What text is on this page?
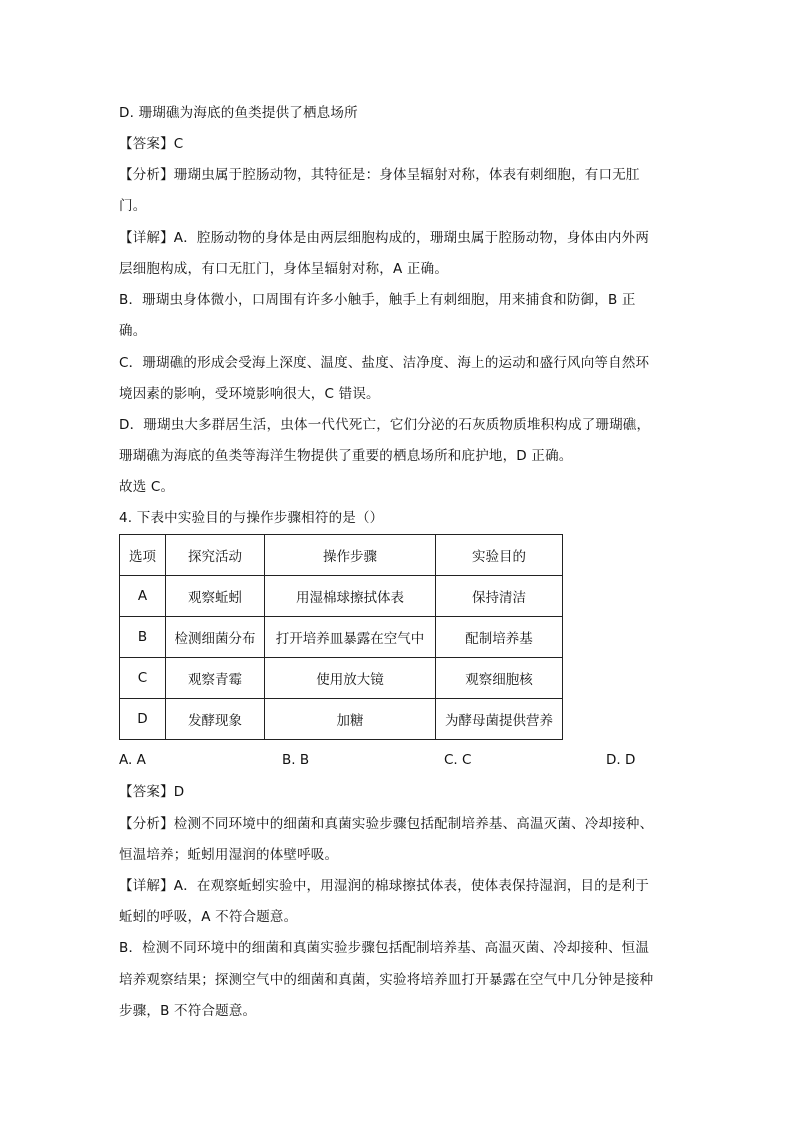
D. 珊瑚礁为海底的鱼类提供了栖息场所
【答案】C
【分析】珊瑚虫属于腔肠动物，其特征是：身体呈辐射对称，体表有刺细胞，有口无肛
门。
【详解】A．腔肠动物的身体是由两层细胞构成的，珊瑚虫属于腔肠动物，身体由内外两
层细胞构成，有口无肛门，身体呈辐射对称，A 正确。
B．珊瑚虫身体微小，口周围有许多小触手，触手上有刺细胞，用来捕食和防御，B 正
确。
C．珊瑚礁的形成会受海上深度、温度、盐度、洁净度、海上的运动和盛行风向等自然环
境因素的影响，受环境影响很大，C 错误。
D．珊瑚虫大多群居生活，虫体一代代死亡，它们分泌的石灰质物质堆积构成了珊瑚礁，
珊瑚礁为海底的鱼类等海洋生物提供了重要的栖息场所和庇护地，D 正确。
故选 C。
4. 下表中实验目的与操作步骤相符的是（）
选项	探究活动	操作步骤	实验目的
A	观察蚯蚓	用湿棉球擦拭体表	保持清洁
B	检测细菌分布	打开培养皿暴露在空气中	配制培养基
C	观察青霉	使用放大镜	观察细胞核
D	发酵现象	加糖	为酵母菌提供营养
A. A	B. B	C. C	D. D
【答案】D
【分析】检测不同环境中的细菌和真菌实验步骤包括配制培养基、高温灭菌、冷却接种、
恒温培养；蚯蚓用湿润的体壁呼吸。
【详解】A．在观察蚯蚓实验中，用湿润的棉球擦拭体表，使体表保持湿润，目的是利于
蚯蚓的呼吸，A 不符合题意。
B．检测不同环境中的细菌和真菌实验步骤包括配制培养基、高温灭菌、冷却接种、恒温
培养观察结果；探测空气中的细菌和真菌，实验将培养皿打开暴露在空气中几分钟是接种
步骤，B 不符合题意。
